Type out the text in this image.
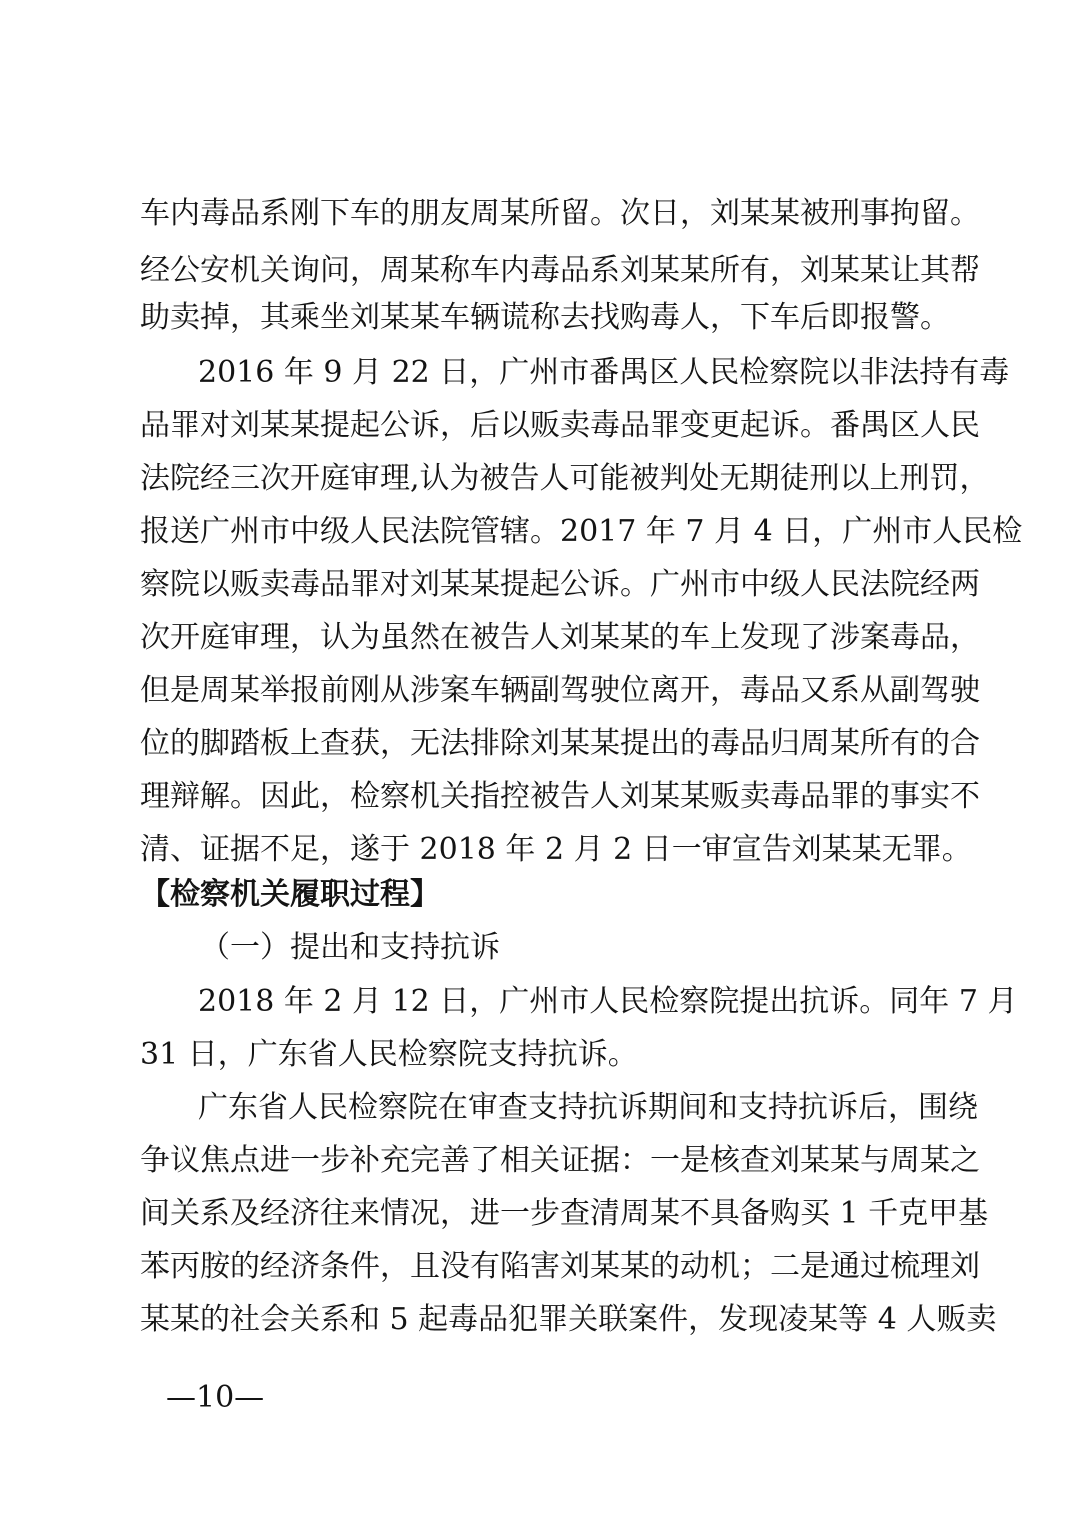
车内毒品系刚下车的朋友周某所留。次日，刘某某被刑事拘留。
经公安机关询问，周某称车内毒品系刘某某所有，刘某某让其帮
助卖掉，其乘坐刘某某车辆谎称去找购毒人，下车后即报警。
2016 年 9 月 22 日，广州市番禺区人民检察院以非法持有毒
品罪对刘某某提起公诉，后以贩卖毒品罪变更起诉。番禺区人民
法院经三次开庭审理,认为被告人可能被判处无期徒刑以上刑罚，
报送广州市中级人民法院管辖。2017 年 7 月 4 日，广州市人民检
察院以贩卖毒品罪对刘某某提起公诉。广州市中级人民法院经两
次开庭审理，认为虽然在被告人刘某某的车上发现了涉案毒品，
但是周某举报前刚从涉案车辆副驾驶位离开，毒品又系从副驾驶
位的脚踏板上查获，无法排除刘某某提出的毒品归周某所有的合
理辩解。因此，检察机关指控被告人刘某某贩卖毒品罪的事实不
清、证据不足，遂于 2018 年 2 月 2 日一审宣告刘某某无罪。
【检察机关履职过程】
（一）提出和支持抗诉
2018 年 2 月 12 日，广州市人民检察院提出抗诉。同年 7 月
31 日，广东省人民检察院支持抗诉。
广东省人民检察院在审查支持抗诉期间和支持抗诉后，围绕
争议焦点进一步补充完善了相关证据：一是核查刘某某与周某之
间关系及经济往来情况，进一步查清周某不具备购买 1 千克甲基
苯丙胺的经济条件，且没有陷害刘某某的动机；二是通过梳理刘
某某的社会关系和 5 起毒品犯罪关联案件，发现凌某等 4 人贩卖
—10—
